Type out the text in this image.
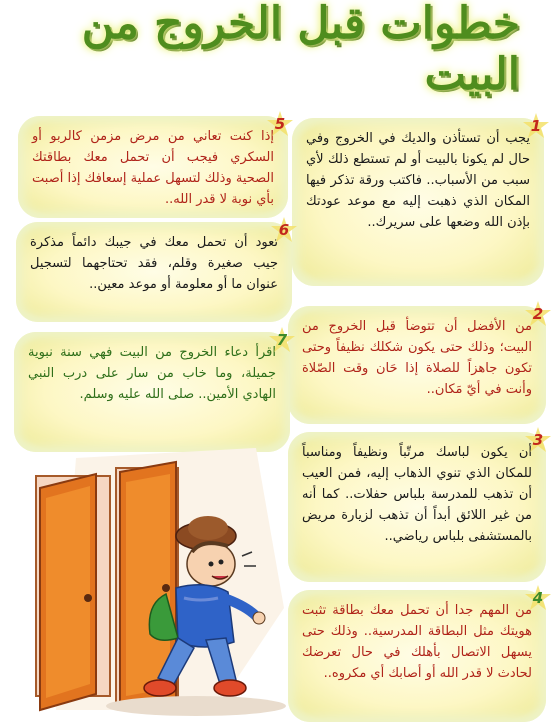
خطوات قبل الخروج من البيت
1
يجب أن تستأذن والديك في الخروج وفي حال لم يكونا بالبيت أو لم تستطع ذلك لأي سبب من الأسباب.. فاكتب ورقة تذكر فيها المكان الذي ذهبت إليه مع موعد عودتك بإذن الله وضعها على سريرك..
5
إذا كنت تعاني من مرض مزمن كالربو أو السكري فيجب أن تحمل معك بطاقتك الصحية وذلك لتسهل عملية إسعافك إذا أصبت بأي نوبة لا قدر الله..
6
تعود أن تحمل معك في جيبك دائماً مذكرة جيب صغيرة وقلم، فقد تحتاجهما لتسجيل عنوان ما أو معلومة أو موعد معين..
2
من الأفضل أن تتوضأ قبل الخروج من البيت؛ وذلك حتى يكون شكلك نظيفاً وحتى تكون جاهزاً للصلاة إذا حَان وقت الصّلاة وأنت في أيّ مَكان..
7
اقرأ دعاء الخروج من البيت فهي سنة نبوية جميلة، وما خاب من سار على درب النبي الهادي الأمين.. صلى الله عليه وسلم.
3
أن يكون لباسك مرتّباً ونظيفاً ومناسباً للمكان الذي تنوي الذهاب إليه، فمن العيب أن تذهب للمدرسة بلباس حفلات.. كما أنه من غير اللائق أبداً أن تذهب لزيارة مريض بالمستشفى بلباس رياضي..
4
من المهم جدا أن تحمل معك بطاقة تثبت هويتك مثل البطاقة المدرسية.. وذلك حتى يسهل الاتصال بأهلك في حال تعرضك لحادث لا قدر الله أو أصابك أي مكروه..
